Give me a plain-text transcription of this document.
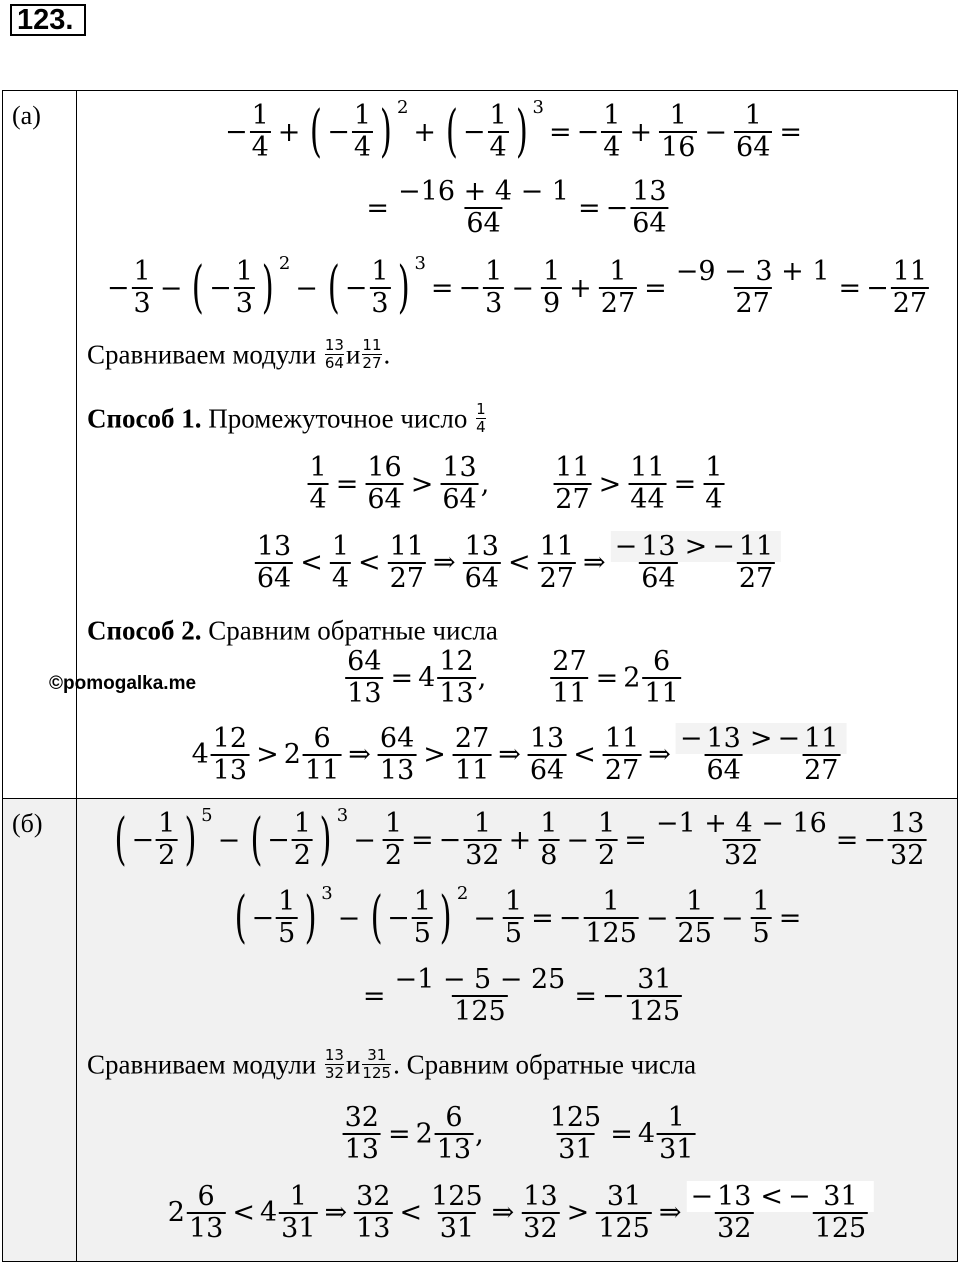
123.
(а)
− $\frac{1}{4}$ + ( − $\frac{1}{4}$ ) 2+ ( − $\frac{1}{4}$ ) $3= - \frac{1}{4} + \frac{1}{16} - \frac{1}{64}$ =
= $\frac{-16 + 4 - 1}{64}$ = − $\frac{13}{64}$
− $\frac{1}{3}$ − ( − $\frac{1}{3}$ ) 2− ( − $\frac{1}{3}$ ) $3= - \frac{1}{3} - \frac{1}{9} + \frac{1}{27} = \frac{-9 - 3 + 1}{27}$ = − $\frac{11}{27}$
Сравниваем модули $\frac{13}{64}$ и $\frac{11}{27}$ .
Способ 1. Промежуточное число $\frac{1}{4}$
$\frac{1}{4} = \frac{16}{64} > \frac{13}{64}$ , $\frac{11}{27} > \frac{11}{44} = \frac{1}{4}$
$\frac{13}{64} < \frac{1}{4} < \frac{11}{27}$ ⇒ $\frac{13}{64} < \frac{11}{27}$ ⇒− $\frac{13}{64}$ > − $\frac{11}{27}$
Способ 2. Сравним обратные числа
©pomogalka.me	$\frac{64}{13} = 4 \frac{12}{13}$ , $\frac{27}{11} = 2 \frac{6}{11}$
$4 \frac{12}{13} > 2 \frac{6}{11}$ ⇒ $\frac{64}{13} > \frac{27}{11}$ ⇒ $\frac{13}{64} < \frac{11}{27}$ ⇒− $\frac{13}{64}$ > − $\frac{11}{27}$
(б) ( − $\frac{1}{2}$ ) 5− ( − $\frac{1}{2}$ ) $3- \frac{1}{2}$ = − $\frac{1}{32} + \frac{1}{8} - \frac{1}{2} = \frac{-1 + 4 - 16}{32}$ = − $\frac{13}{32}$
( − $\frac{1}{5}$ ) 3− ( − $\frac{1}{5}$ ) $2- \frac{1}{5}$ = − $\frac{1}{125} - \frac{1}{25} - \frac{1}{5}$ =
= $\frac{-1 - 5 - 25}{125}$ = − $\frac{31}{125}$
Сравниваем модули $\frac{13}{32}$ и $\frac{31}{125}$ . Сравним обратные числа
$\frac{32}{13} = 2 \frac{6}{13}$ , $\frac{125}{31} = 4 \frac{1}{31}$
$2 \frac{6}{13} < 4 \frac{1}{31}$ ⇒ $\frac{32}{13} < \frac{125}{31}$ ⇒ $\frac{13}{32} > \frac{31}{125}$ ⇒− $\frac{13}{32}$ < − $\frac{31}{125}$
